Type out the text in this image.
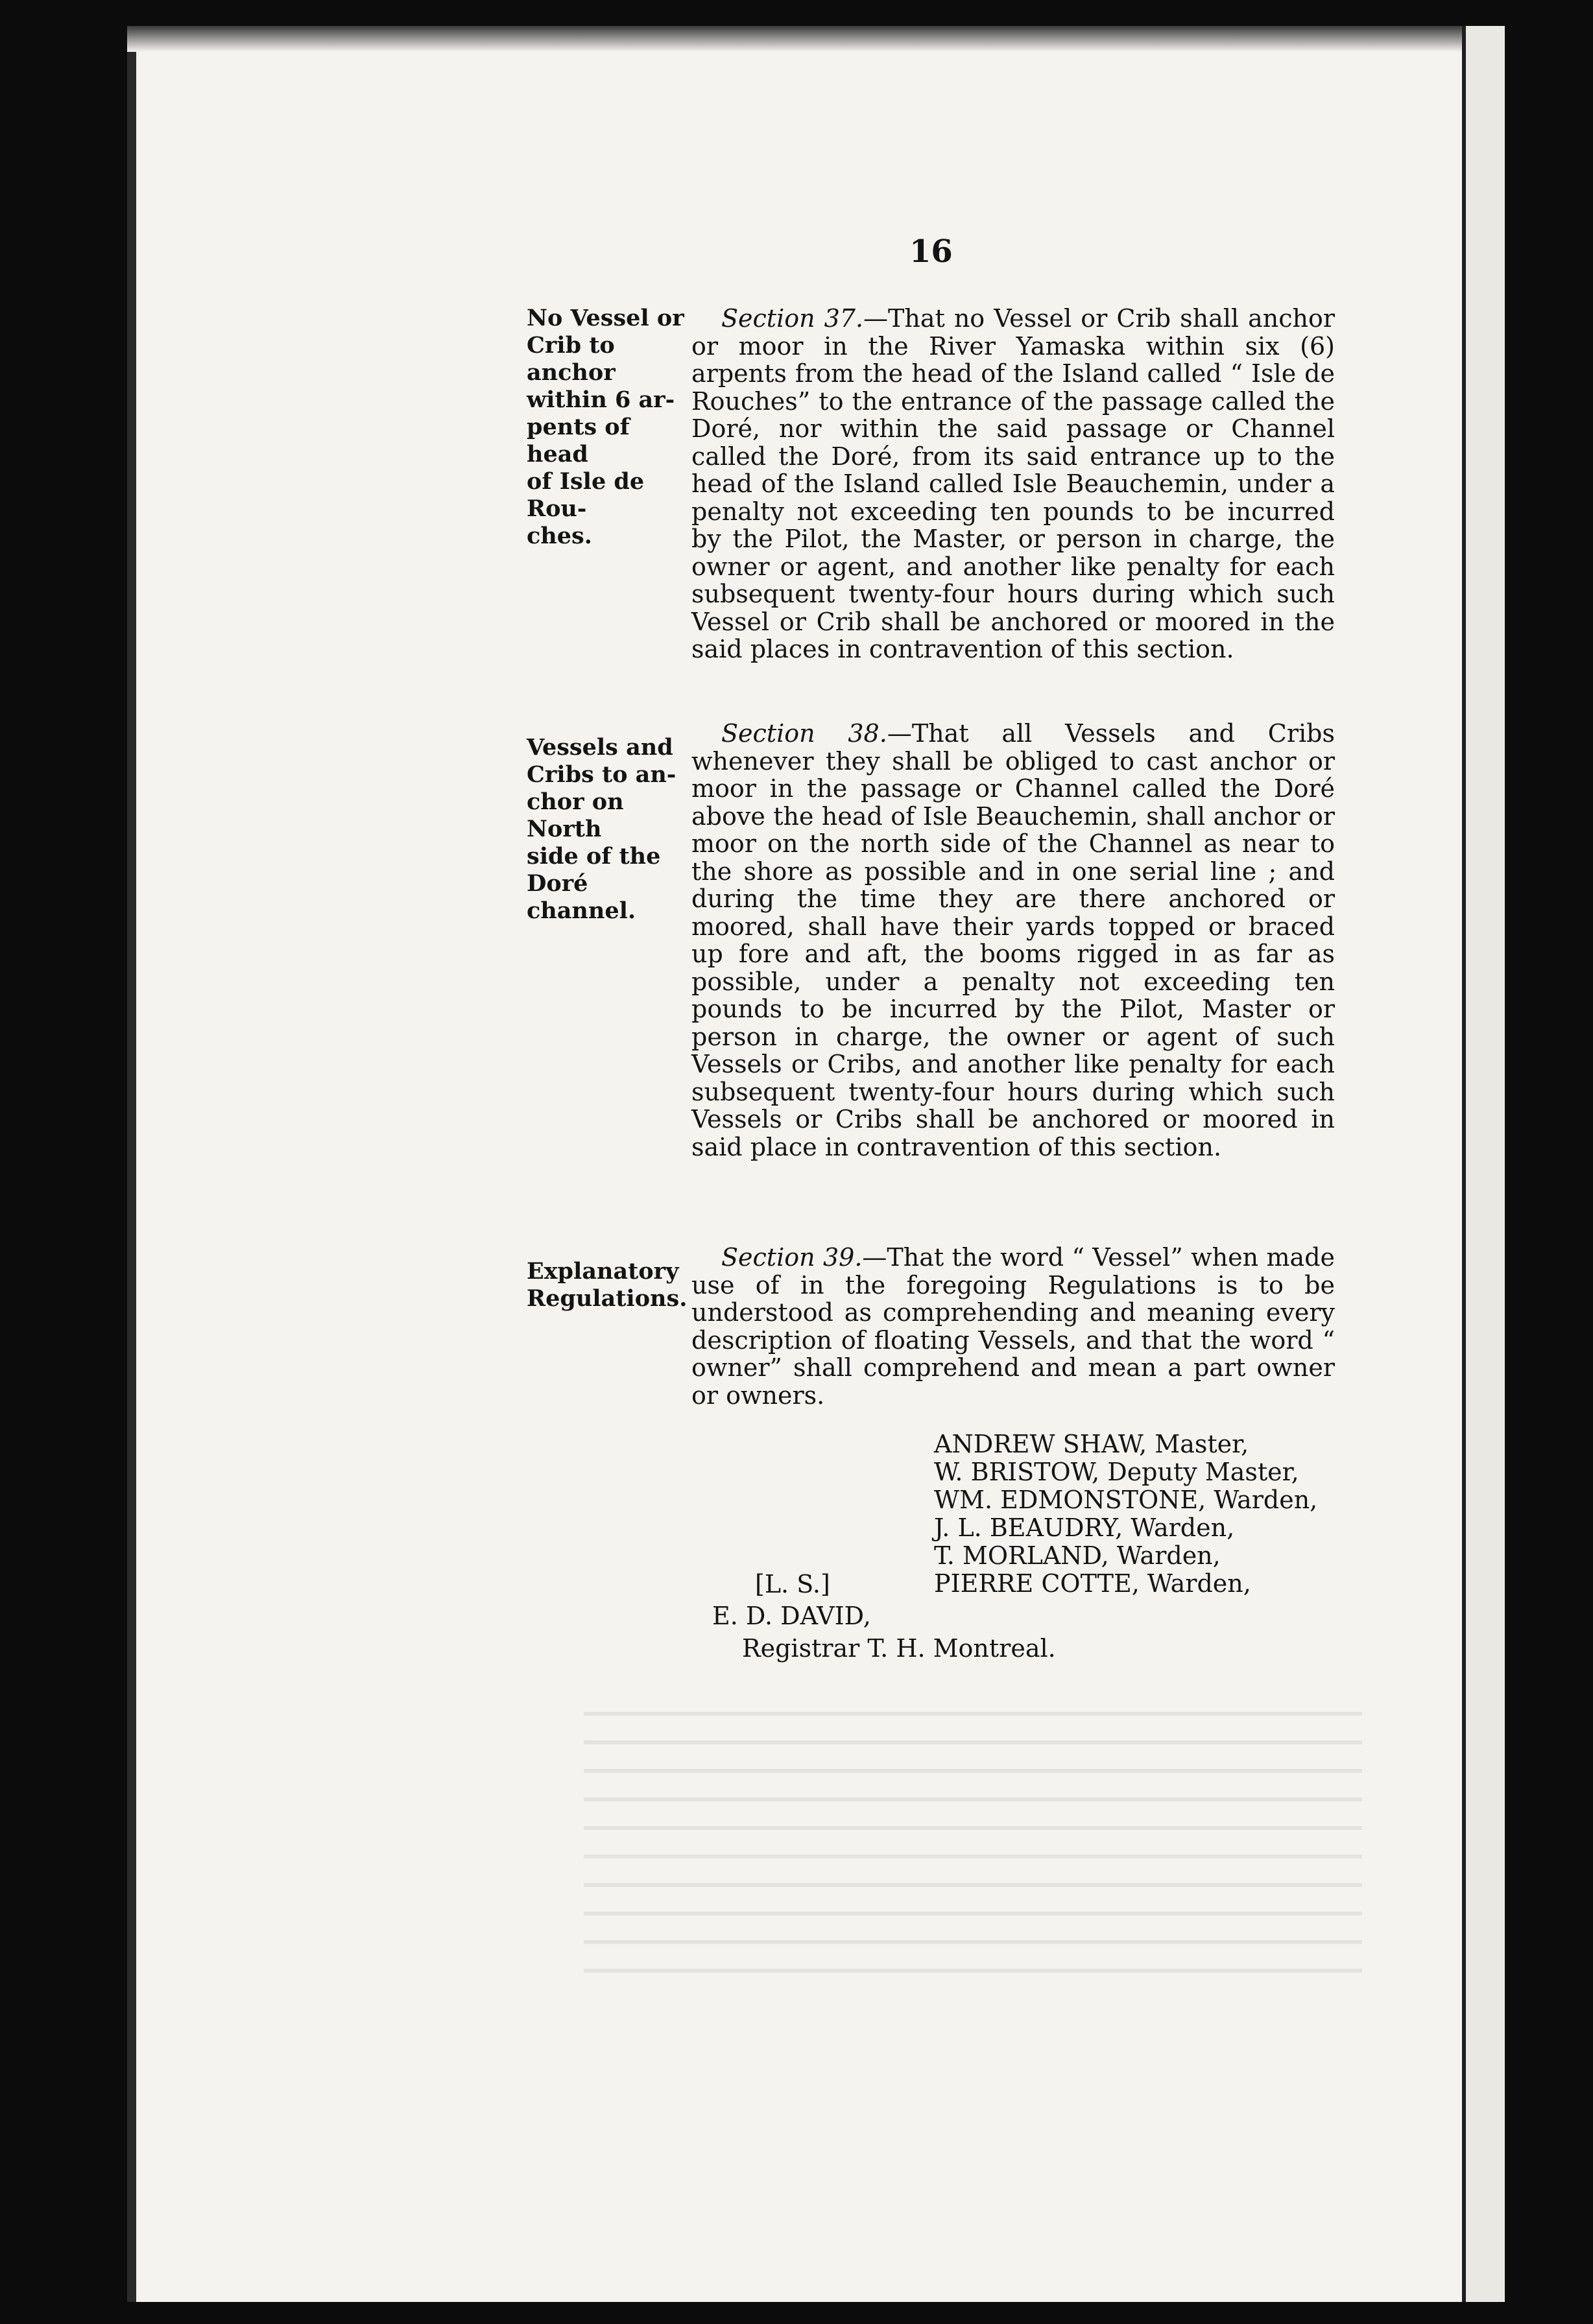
16
No Vessel or
Crib to anchor
within 6 ar-
pents of head
of Isle de Rou-
ches.
Section 37.—That no Vessel or Crib shall anchor or moor in the River Yamaska within six (6) arpents from the head of the Island called “ Isle de Rouches” to the entrance of the passage called the Doré, nor within the said passage or Channel called the Doré, from its said entrance up to the head of the Island called Isle Beauchemin, under a penalty not exceeding ten pounds to be incurred by the Pilot, the Master, or person in charge, the owner or agent, and another like penalty for each subsequent twenty-four hours during which such Vessel or Crib shall be anchored or moored in the said places in contravention of this section.
Vessels and
Cribs to an-
chor on North
side of the
Doré channel.
Section 38.—That all Vessels and Cribs whenever they shall be obliged to cast anchor or moor in the passage or Channel called the Doré above the head of Isle Beauchemin, shall anchor or moor on the north side of the Channel as near to the shore as possible and in one serial line ; and during the time they are there anchored or moored, shall have their yards topped or braced up fore and aft, the booms rigged in as far as possible, under a penalty not exceeding ten pounds to be incurred by the Pilot, Master or person in charge, the owner or agent of such Vessels or Cribs, and another like penalty for each subsequent twenty-four hours during which such Vessels or Cribs shall be anchored or moored in said place in contravention of this section.
Explanatory
Regulations.
Section 39.—That the word “ Vessel” when made use of in the foregoing Regulations is to be understood as comprehending and meaning every description of floating Vessels, and that the word “ owner” shall comprehend and mean a part owner or owners.
ANDREW SHAW, Master,
W. BRISTOW, Deputy Master,
WM. EDMONSTONE, Warden,
J. L. BEAUDRY, Warden,
T. MORLAND, Warden,
PIERRE COTTE, Warden,
[L. S.]
E. D. DAVID,
Registrar T. H. Montreal.
